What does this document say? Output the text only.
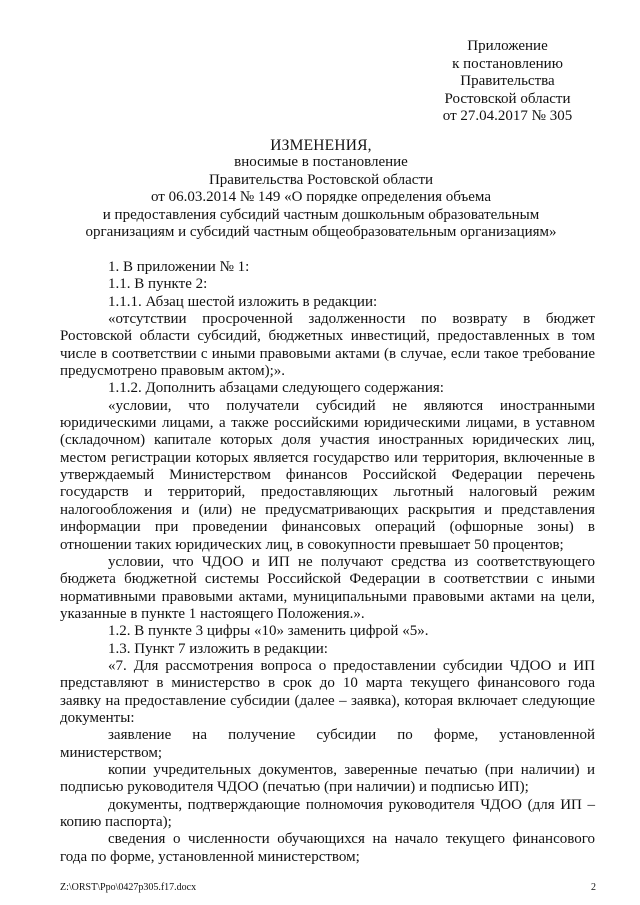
Приложение
к постановлению
Правительства
Ростовской области
от 27.04.2017 № 305
ИЗМЕНЕНИЯ,
вносимые в постановление
Правительства Ростовской области
от 06.03.2014 № 149 «О порядке определения объема
и предоставления субсидий частным дошкольным образовательным
организациям и субсидий частным общеобразовательным организациям»

1. В приложении № 1:

1.1. В пункте 2:

1.1.1. Абзац шестой изложить в редакции:

«отсутствии просроченной задолженности по возврату в бюджет Ростовской области субсидий, бюджетных инвестиций, предоставленных в том числе в соответствии с иными правовыми актами (в случае, если такое требование предусмотрено правовым актом);».

1.1.2. Дополнить абзацами следующего содержания:

«условии, что получатели субсидий не являются иностранными юридическими лицами, а также российскими юридическими лицами, в уставном (складочном) капитале которых доля участия иностранных юридических лиц, местом регистрации которых является государство или территория, включенные в утверждаемый Министерством финансов Российской Федерации перечень государств и территорий, предоставляющих льготный налоговый режим налогообложения и (или) не предусматривающих раскрытия и представления информации при проведении финансовых операций (офшорные зоны) в отношении таких юридических лиц, в совокупности превышает 50 процентов;

условии, что ЧДОО и ИП не получают средства из соответствующего бюджета бюджетной системы Российской Федерации в соответствии с иными нормативными правовыми актами, муниципальными правовыми актами на цели, указанные в пункте 1 настоящего Положения.».

1.2. В пункте 3 цифры «10» заменить цифрой «5».

1.3. Пункт 7 изложить в редакции:

«7. Для рассмотрения вопроса о предоставлении субсидии ЧДОО и ИП представляют в министерство в срок до 10 марта текущего финансового года заявку на предоставление субсидии (далее – заявка), которая включает следующие документы:

заявление на получение субсидии по форме, установленной министерством;

копии учредительных документов, заверенные печатью (при наличии) и подписью руководителя ЧДОО (печатью (при наличии) и подписью ИП);

документы, подтверждающие полномочия руководителя ЧДОО (для ИП – копию паспорта);

сведения о численности обучающихся на начало текущего финансового года по форме, установленной министерством;

Z:\ORST\Ppo\0427p305.f17.docx	2
